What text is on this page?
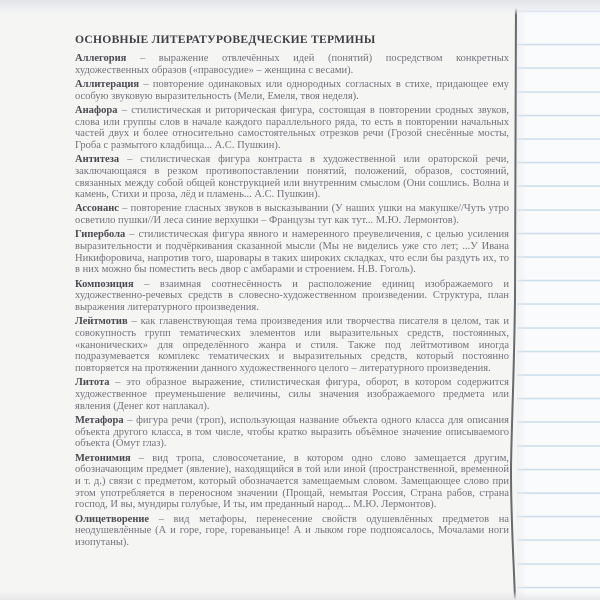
ОСНОВНЫЕ ЛИТЕРАТУРОВЕДЧЕСКИЕ ТЕРМИНЫ

Аллегория – выражение отвлечённых идей (понятий) посредством конкретных художественных образов («правосудие» – женщина с весами).

Аллитерация – повторение одинаковых или однородных согласных в стихе, придающее ему особую звуковую выразительность (Мели, Емеля, твоя неделя).

Анафора – стилистическая и риторическая фигура, состоящая в повторении сродных звуков, слова или группы слов в начале каждого параллельного ряда, то есть в повторении начальных частей двух и более относительно самостоятельных отрезков речи (Грозой снесённые мосты, Гроба с размытого кладбища... А.С. Пушкин).

Антитеза – стилистическая фигура контраста в художественной или ораторской речи, заключающаяся в резком противопоставлении понятий, положений, образов, состояний, связанных между собой общей конструкцией или внутренним смыслом (Они сошлись. Волна и камень, Стихи и проза, лёд и пламень... А.С. Пушкин).

Ассонанс – повторение гласных звуков в высказывании (У наших ушки на макушке//Чуть утро осветило пушки//И леса синие верхушки – Французы тут как тут... М.Ю. Лермонтов).

Гипербола – стилистическая фигура явного и намеренного преувеличения, с целью усиления выразительности и подчёркивания сказанной мысли (Мы не виделись уже сто лет; ...У Ивана Никифоровича, напротив того, шаровары в таких широких складках, что если бы раздуть их, то в них можно бы поместить весь двор с амбарами и строением. Н.В. Гоголь).

Композиция – взаимная соотнесённость и расположение единиц изображаемого и художественно-речевых средств в словесно-художественном произведении. Структура, план выражения литературного произведения.

Лейтмотив – как главенствующая тема произведения или творчества писателя в целом, так и совокупность групп тематических элементов или выразительных средств, постоянных, «канонических» для определённого жанра и стиля. Также под лейтмотивом иногда подразумевается комплекс тематических и выразительных средств, который постоянно повторяется на протяжении данного художественного целого – литературного произведения.

Литота – это образное выражение, стилистическая фигура, оборот, в котором содержится художественное преуменьшение величины, силы значения изображаемого предмета или явления (Денег кот наплакал).

Метафора – фигура речи (троп), использующая название объекта одного класса для описания объекта другого класса, в том числе, чтобы кратко выразить объёмное значение описываемого объекта (Омут глаз).

Метонимия – вид тропа, словосочетание, в котором одно слово замещается другим, обозначающим предмет (явление), находящийся в той или иной (пространственной, временной и т. д.) связи с предметом, который обозначается замещаемым словом. Замещающее слово при этом употребляется в переносном значении (Прощай, немытая Россия, Страна рабов, страна господ, И вы, мундиры голубые, И ты, им преданный народ... М.Ю. Лермонтов).

Олицетворение – вид метафоры, перенесение свойств одушевлённых предметов на неодушевлённые (А и горе, горе, гореваньице! А и лыком горе подпоясалось, Мочалами ноги изопутаны).
